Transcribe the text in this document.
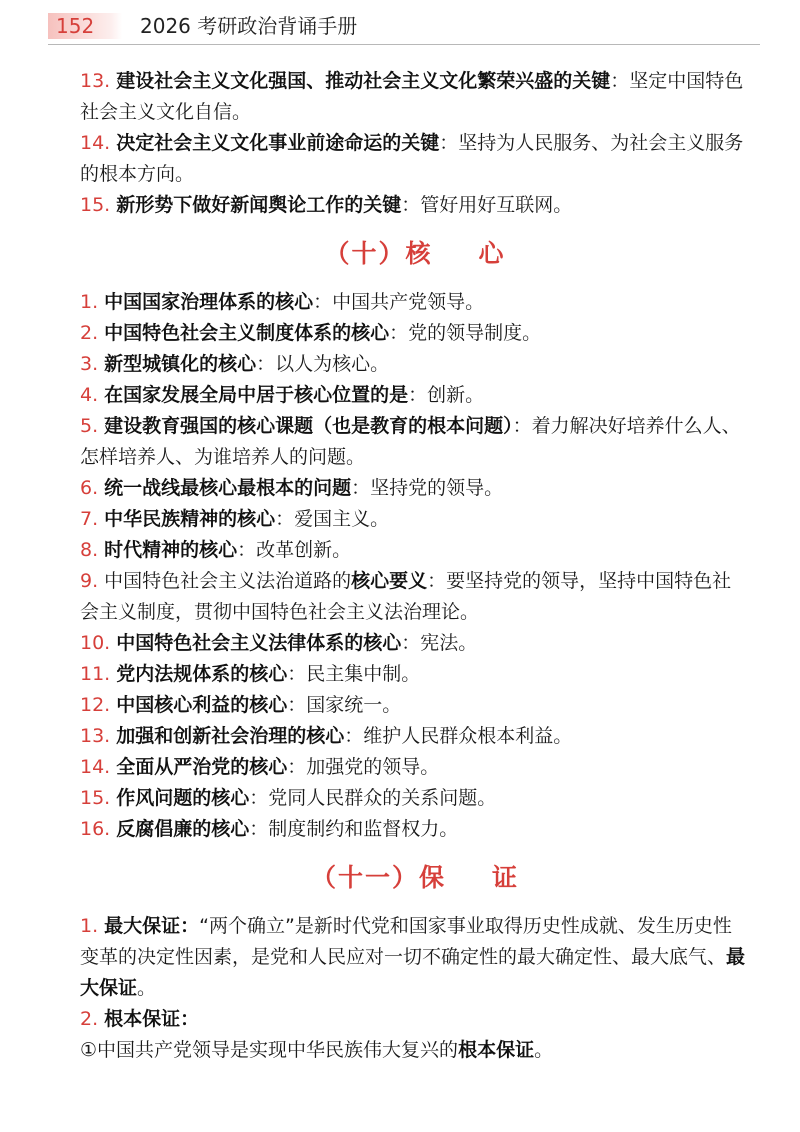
152	2026 考研政治背诵手册

13. 建设社会主义文化强国、推动社会主义文化繁荣兴盛的关键：坚定中国特色社会主义文化自信。

14. 决定社会主义文化事业前途命运的关键：坚持为人民服务、为社会主义服务的根本方向。

15. 新形势下做好新闻舆论工作的关键：管好用好互联网。

（十）核 心

1. 中国国家治理体系的核心：中国共产党领导。

2. 中国特色社会主义制度体系的核心：党的领导制度。

3. 新型城镇化的核心：以人为核心。

4. 在国家发展全局中居于核心位置的是：创新。

5. 建设教育强国的核心课题（也是教育的根本问题）：着力解决好培养什么人、怎样培养人、为谁培养人的问题。

6. 统一战线最核心最根本的问题：坚持党的领导。

7. 中华民族精神的核心：爱国主义。

8. 时代精神的核心：改革创新。

9. 中国特色社会主义法治道路的核心要义：要坚持党的领导，坚持中国特色社会主义制度，贯彻中国特色社会主义法治理论。

10. 中国特色社会主义法律体系的核心：宪法。

11. 党内法规体系的核心：民主集中制。

12. 中国核心利益的核心：国家统一。

13. 加强和创新社会治理的核心：维护人民群众根本利益。

14. 全面从严治党的核心：加强党的领导。

15. 作风问题的核心：党同人民群众的关系问题。

16. 反腐倡廉的核心：制度制约和监督权力。

（十一）保 证

1. 最大保证：“两个确立”是新时代党和国家事业取得历史性成就、发生历史性变革的决定性因素，是党和人民应对一切不确定性的最大确定性、最大底气、最大保证。

2. 根本保证：

①中国共产党领导是实现中华民族伟大复兴的根本保证。
